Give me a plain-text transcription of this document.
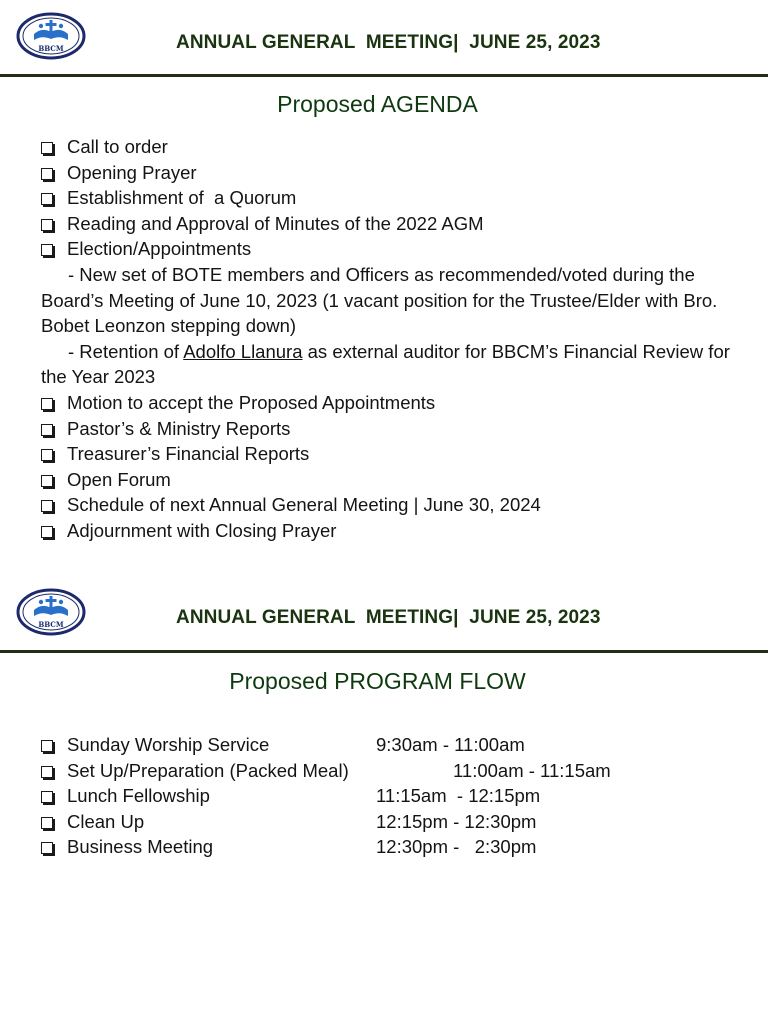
BBCM	ANNUAL GENERAL  MEETING|  JUNE 25, 2023
Proposed AGENDA
Call to order
Opening Prayer
Establishment of  a Quorum
Reading and Approval of Minutes of the 2022 AGM
Election/Appointments
- New set of BOTE members and Officers as recommended/voted during the Board’s Meeting of June 10, 2023 (1 vacant position for the Trustee/Elder with Bro. Bobet Leonzon stepping down)
- Retention of Adolfo Llanura as external auditor for BBCM’s Financial Review for the Year 2023
Motion to accept the Proposed Appointments
Pastor’s & Ministry Reports
Treasurer’s Financial Reports
Open Forum
Schedule of next Annual General Meeting | June 30, 2024
Adjournment with Closing Prayer
BBCM	ANNUAL GENERAL  MEETING|  JUNE 25, 2023
Proposed PROGRAM FLOW
Sunday Worship Service	9:30am - 11:00am
Set Up/Preparation (Packed Meal)	11:00am - 11:15am
Lunch Fellowship	11:15am  - 12:15pm
Clean Up	12:15pm - 12:30pm
Business Meeting	12:30pm -   2:30pm
